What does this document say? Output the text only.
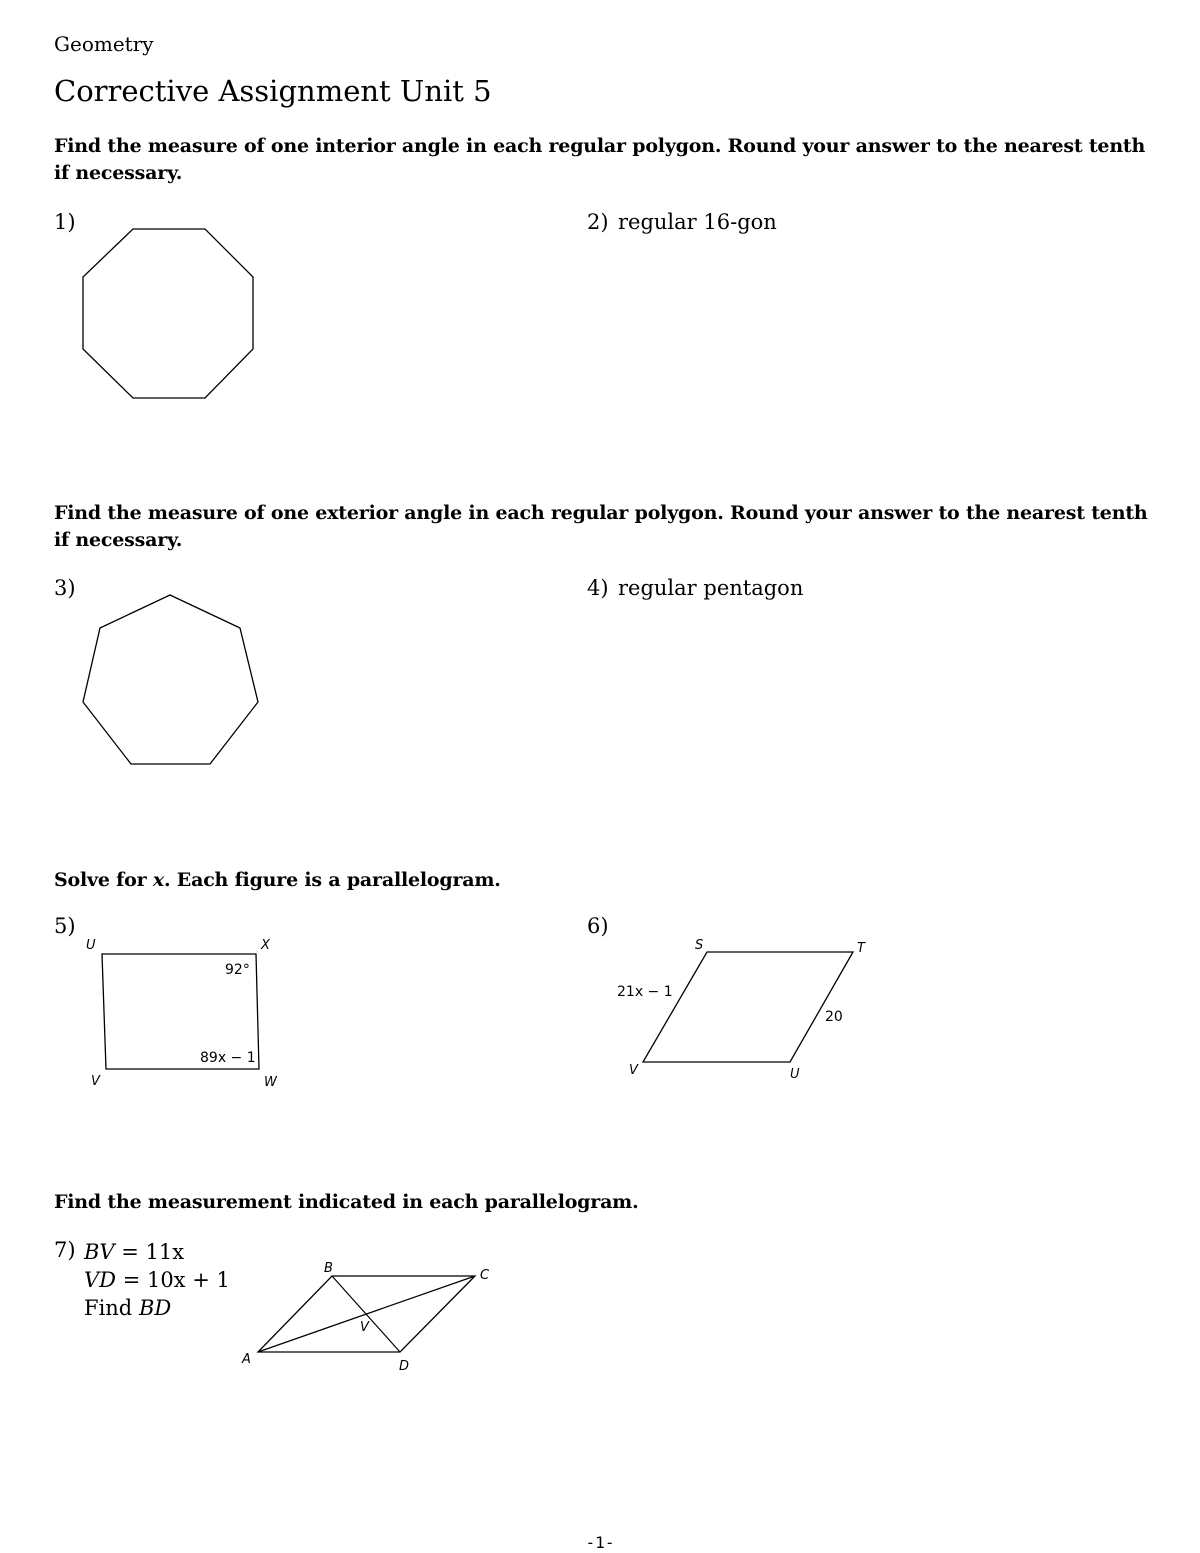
Geometry
Corrective Assignment Unit 5
Find the measure of one interior angle in each regular polygon. Round your answer to the nearest tenth if necessary.
1)	2) regular 16-gon
Find the measure of one exterior angle in each regular polygon. Round your answer to the nearest tenth if necessary.
3)	4) regular pentagon
Solve for x. Each figure is a parallelogram.
5)
U	X
V	W
92°
89x − 1
6)
S	T
V	U
21x − 1
20
Find the measurement indicated in each parallelogram.
7) BV = 11x
VD = 10x + 1
Find BD
B	C
A	D
V
-1-
